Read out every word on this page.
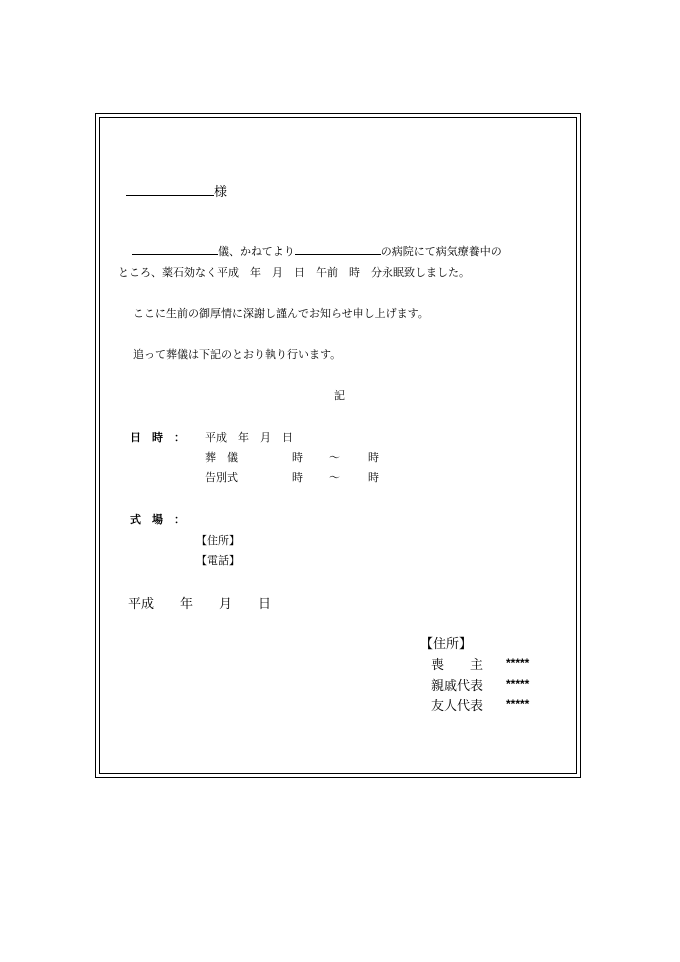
様
儀、かねてより	の病院にて病気療養中の
ところ、薬石効なく平成　年　月　日　午前　時　分永眠致しました。
ここに生前の御厚情に深謝し謹んでお知らせ申し上げます。
追って葬儀は下記のとおり執り行います。
記
日　時　： 平成　年　月　日
葬　儀	時 ～	時
告別式	時 ～	時
式　場　：
【住所】
【電話】
平成　　年　　月　　日
【住所】
喪　　主 *****
親戚代表 *****
友人代表 *****
